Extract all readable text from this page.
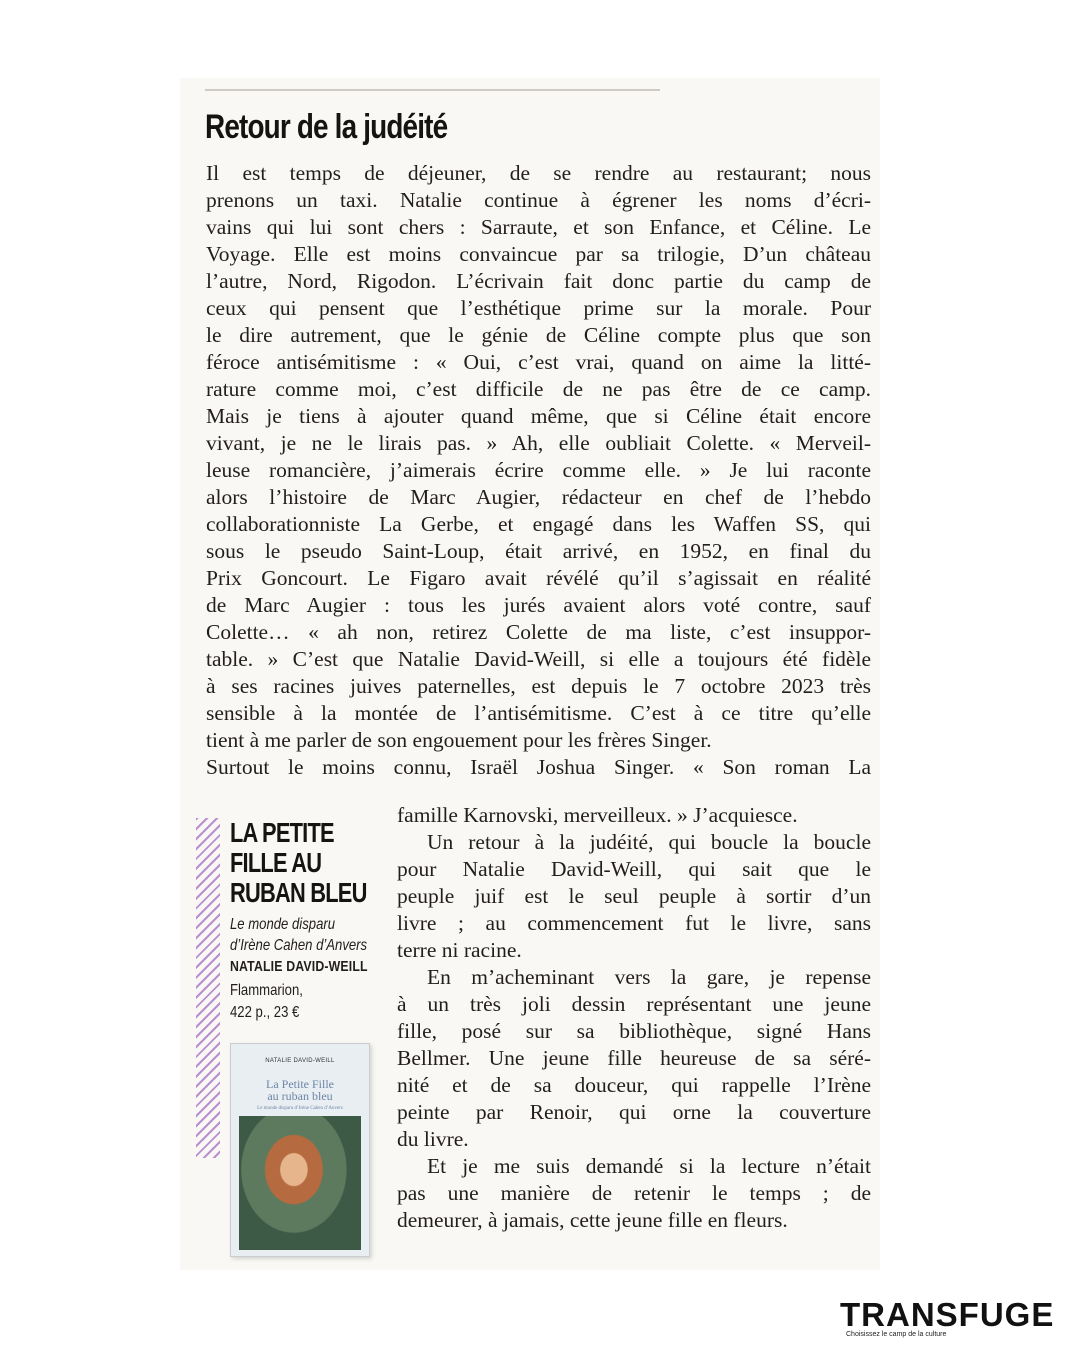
Retour de la judéité
Il est temps de déjeuner, de se rendre au restaurant; nous
prenons un taxi. Natalie continue à égrener les noms d’écri-
vains qui lui sont chers : Sarraute, et son Enfance, et Céline. Le
Voyage. Elle est moins convaincue par sa trilogie, D’un château
l’autre, Nord, Rigodon. L’écrivain fait donc partie du camp de
ceux qui pensent que l’esthétique prime sur la morale. Pour
le dire autrement, que le génie de Céline compte plus que son
féroce antisémitisme : « Oui, c’est vrai, quand on aime la litté-
rature comme moi, c’est difficile de ne pas être de ce camp.
Mais je tiens à ajouter quand même, que si Céline était encore
vivant, je ne le lirais pas. » Ah, elle oubliait Colette. « Merveil-
leuse romancière, j’aimerais écrire comme elle. » Je lui raconte
alors l’histoire de Marc Augier, rédacteur en chef de l’hebdo
collaborationniste La Gerbe, et engagé dans les Waffen SS, qui
sous le pseudo Saint-Loup, était arrivé, en 1952, en final du
Prix Goncourt. Le Figaro avait révélé qu’il s’agissait en réalité
de Marc Augier : tous les jurés avaient alors voté contre, sauf
Colette… « ah non, retirez Colette de ma liste, c’est insuppor-
table. » C’est que Natalie David-Weill, si elle a toujours été fidèle
à ses racines juives paternelles, est depuis le 7 octobre 2023 très
sensible à la montée de l’antisémitisme. C’est à ce titre qu’elle
tient à me parler de son engouement pour les frères Singer.
Surtout le moins connu, Israël Joshua Singer. « Son roman La
famille Karnovski, merveilleux. » J’acquiesce.
Un retour à la judéité, qui boucle la boucle
pour Natalie David-Weill, qui sait que le
peuple juif est le seul peuple à sortir d’un
livre ; au commencement fut le livre, sans
terre ni racine.
En m’acheminant vers la gare, je repense
à un très joli dessin représentant une jeune
fille, posé sur sa bibliothèque, signé Hans
Bellmer. Une jeune fille heureuse de sa séré-
nité et de sa douceur, qui rappelle l’Irène
peinte par Renoir, qui orne la couverture
du livre.
Et je me suis demandé si la lecture n’était
pas une manière de retenir le temps ; de
demeurer, à jamais, cette jeune fille en fleurs.
LA PETITE
FILLE AU
RUBAN BLEU
Le monde disparu
d’Irène Cahen d’Anvers
NATALIE DAVID-WEILL
Flammarion,
422 p., 23 €
NATALIE DAVID-WEILL
La Petite Fille
au ruban bleu
Le monde disparu d’Irène Cahen d’Anvers
TRANSFUGE
Choisissez le camp de la culture
